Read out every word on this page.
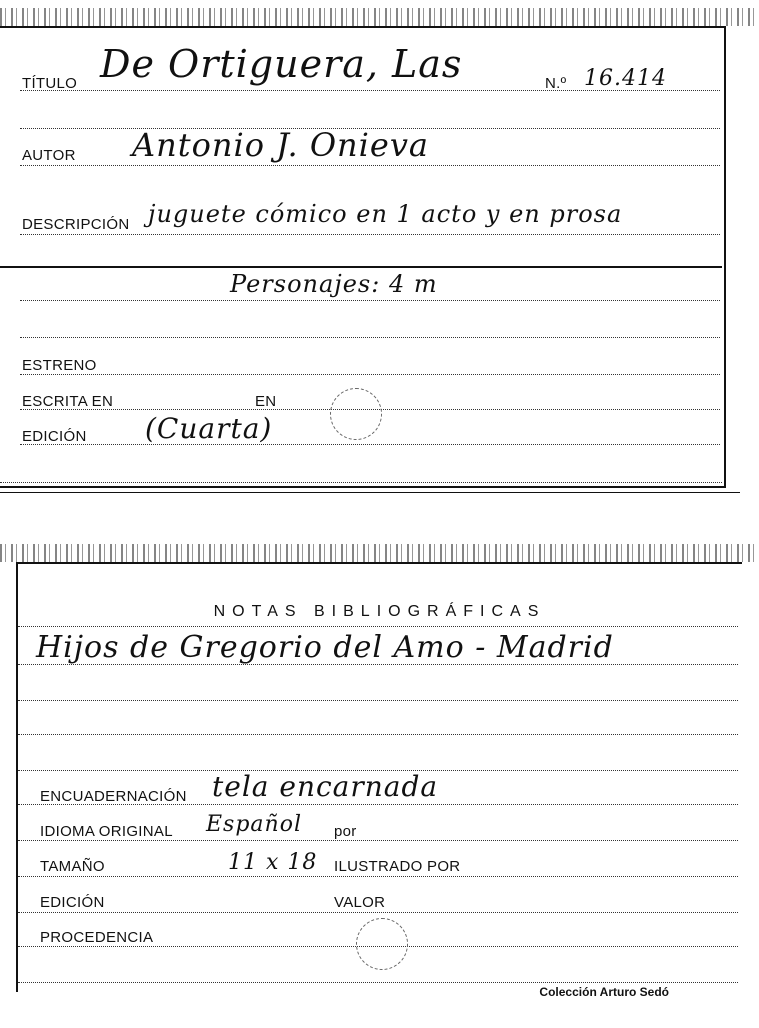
TÍTULO De Ortiguera, Las	N.º 16.414
AUTOR Antonio J. Onieva
DESCRIPCIÓN juguete cómico en 1 acto y en prosa
Personajes: 4 m
ESTRENO
ESCRITA EN	EN
EDICIÓN (Cuarta)
NOTAS BIBLIOGRÁFICAS
Hijos de Gregorio del Amo - Madrid
ENCUADERNACIÓN tela encarnada
IDIOMA ORIGINAL Español por
TAMAÑO	11 x 18 ILUSTRADO POR
EDICIÓN	VALOR
PROCEDENCIA
Colección Arturo Sedó
